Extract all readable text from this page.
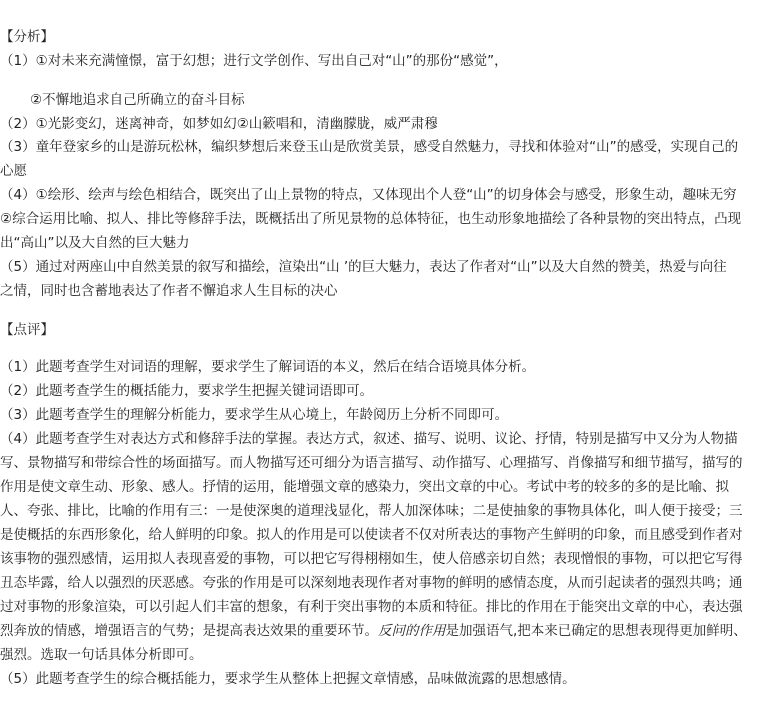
【分析】
（1）①对未来充满憧憬，富于幻想；进行文学创作、写出自己对“山”的那份“感觉”，
②不懈地追求自己所确立的奋斗目标
（2）①光影变幻，迷离神奇，如梦如幻②山簌唱和，清幽朦胧，威严肃穆
（3）童年登家乡的山是游玩松林，编织梦想后来登玉山是欣赏美景，感受自然魅力，寻找和体验对“山”的感受，实现自己的
心愿
（4）①绘形、绘声与绘色相结合，既突出了山上景物的特点，又体现出个人登“山”的切身体会与感受，形象生动，趣味无穷
②综合运用比喻、拟人、排比等修辞手法，既概括出了所见景物的总体特征，也生动形象地描绘了各种景物的突出特点，凸现
出“高山”以及大自然的巨大魅力
（5）通过对两座山中自然美景的叙写和描绘，渲染出“山 ’的巨大魅力，表达了作者对“山”以及大自然的赞美，热爱与向往
之情，同时也含蓄地表达了作者不懈追求人生目标的决心
【点评】
（1）此题考查学生对词语的理解，要求学生了解词语的本义，然后在结合语境具体分析。
（2）此题考查学生的概括能力，要求学生把握关键词语即可。
（3）此题考查学生的理解分析能力，要求学生从心境上，年龄阅历上分析不同即可。
（4）此题考查学生对表达方式和修辞手法的掌握。表达方式，叙述、描写、说明、议论、抒情，特别是描写中又分为人物描
写、景物描写和带综合性的场面描写。而人物描写还可细分为语言描写、动作描写、心理描写、肖像描写和细节描写，描写的
作用是使文章生动、形象、感人。抒情的运用，能增强文章的感染力，突出文章的中心。考试中考的较多的多的是比喻、拟
人、夸张、排比，比喻的作用有三：一是使深奥的道理浅显化，帮人加深体味；二是使抽象的事物具体化，叫人便于接受；三
是使概括的东西形象化，给人鲜明的印象。拟人的作用是可以使读者不仅对所表达的事物产生鲜明的印象，而且感受到作者对
该事物的强烈感情，运用拟人表现喜爱的事物，可以把它写得栩栩如生，使人倍感亲切自然；表现憎恨的事物，可以把它写得
丑态毕露，给人以强烈的厌恶感。夸张的作用是可以深刻地表现作者对事物的鲜明的感情态度，从而引起读者的强烈共鸣；通
过对事物的形象渲染，可以引起人们丰富的想象，有利于突出事物的本质和特征。排比的作用在于能突出文章的中心，表达强
烈奔放的情感，增强语言的气势；是提高表达效果的重要环节。反问的作用是加强语气,把本来已确定的思想表现得更加鲜明、
强烈。选取一句话具体分析即可。
（5）此题考查学生的综合概括能力，要求学生从整体上把握文章情感，品味做流露的思想感情。
